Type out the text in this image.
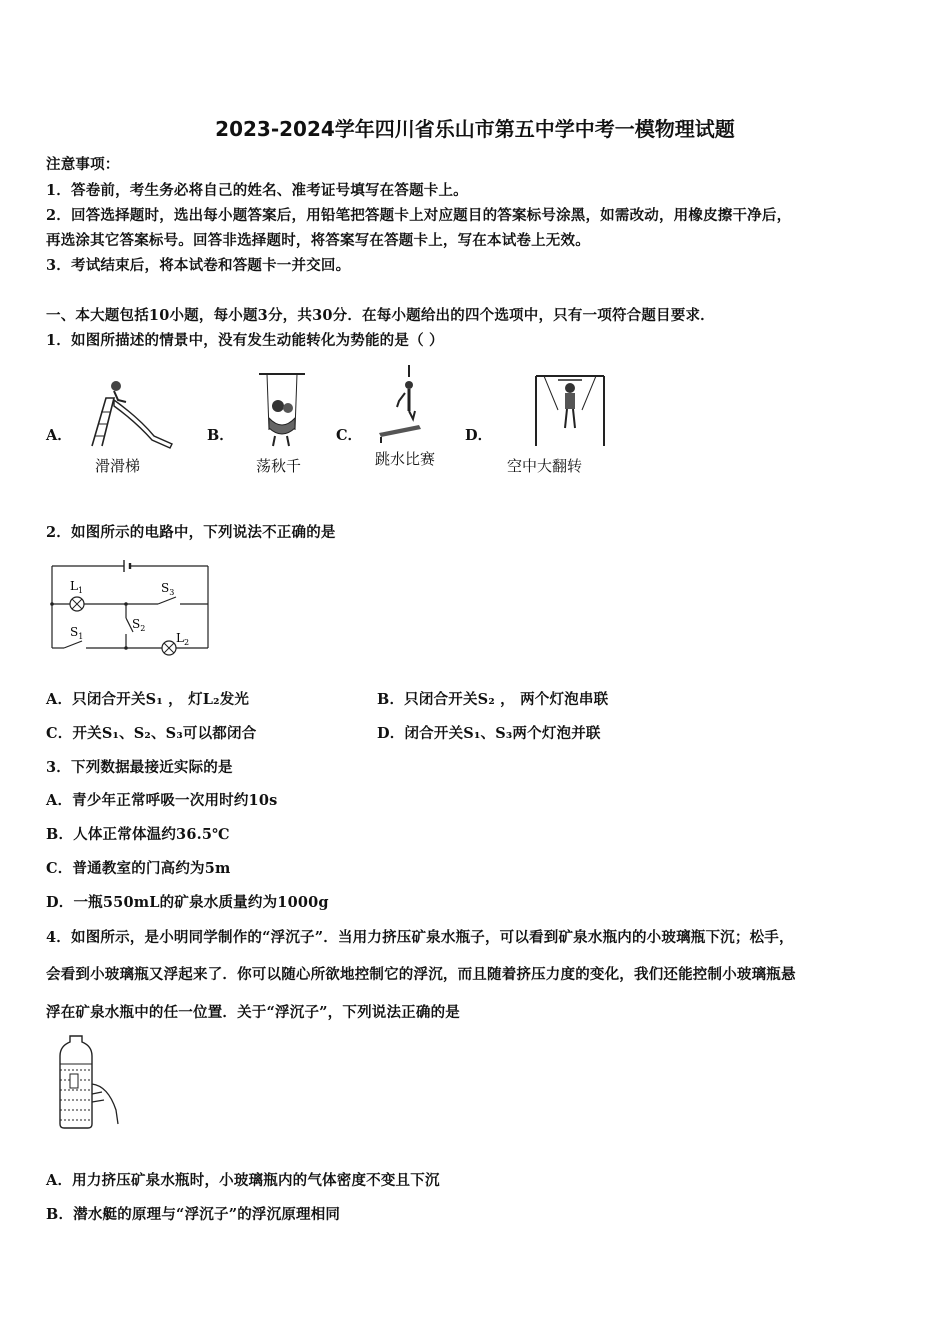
2023-2024学年四川省乐山市第五中学中考一模物理试题
注意事项：
1．答卷前，考生务必将自己的姓名、准考证号填写在答题卡上。
2．回答选择题时，选出每小题答案后，用铅笔把答题卡上对应题目的答案标号涂黑，如需改动，用橡皮擦干净后，
再选涂其它答案标号。回答非选择题时，将答案写在答题卡上，写在本试卷上无效。
3．考试结束后，将本试卷和答题卡一并交回。
一、本大题包括10小题，每小题3分，共30分．在每小题给出的四个选项中，只有一项符合题目要求．
1．如图所描述的情景中，没有发生动能转化为势能的是（ ）
A．
滑滑梯
B．
荡秋千
C．
跳水比赛
D．
空中大翻转
2．如图所示的电路中，下列说法不正确的是
$L_1$	$S_3$
$S_1$
$S_2$
$L_2$
A．只闭合开关S₁ ， 灯L₂发光	B．只闭合开关S₂ ， 两个灯泡串联
C．开关S₁、S₂、S₃可以都闭合	D．闭合开关S₁、S₃两个灯泡并联
3．下列数据最接近实际的是
A．青少年正常呼吸一次用时约10s
B．人体正常体温约36.5℃
C．普通教室的门高约为5m
D．一瓶550mL的矿泉水质量约为1000g
4．如图所示，是小明同学制作的“浮沉子”．当用力挤压矿泉水瓶子，可以看到矿泉水瓶内的小玻璃瓶下沉；松手，
会看到小玻璃瓶又浮起来了．你可以随心所欲地控制它的浮沉，而且随着挤压力度的变化，我们还能控制小玻璃瓶悬
浮在矿泉水瓶中的任一位置．关于“浮沉子”，下列说法正确的是
A．用力挤压矿泉水瓶时，小玻璃瓶内的气体密度不变且下沉
B．潜水艇的原理与“浮沉子”的浮沉原理相同
